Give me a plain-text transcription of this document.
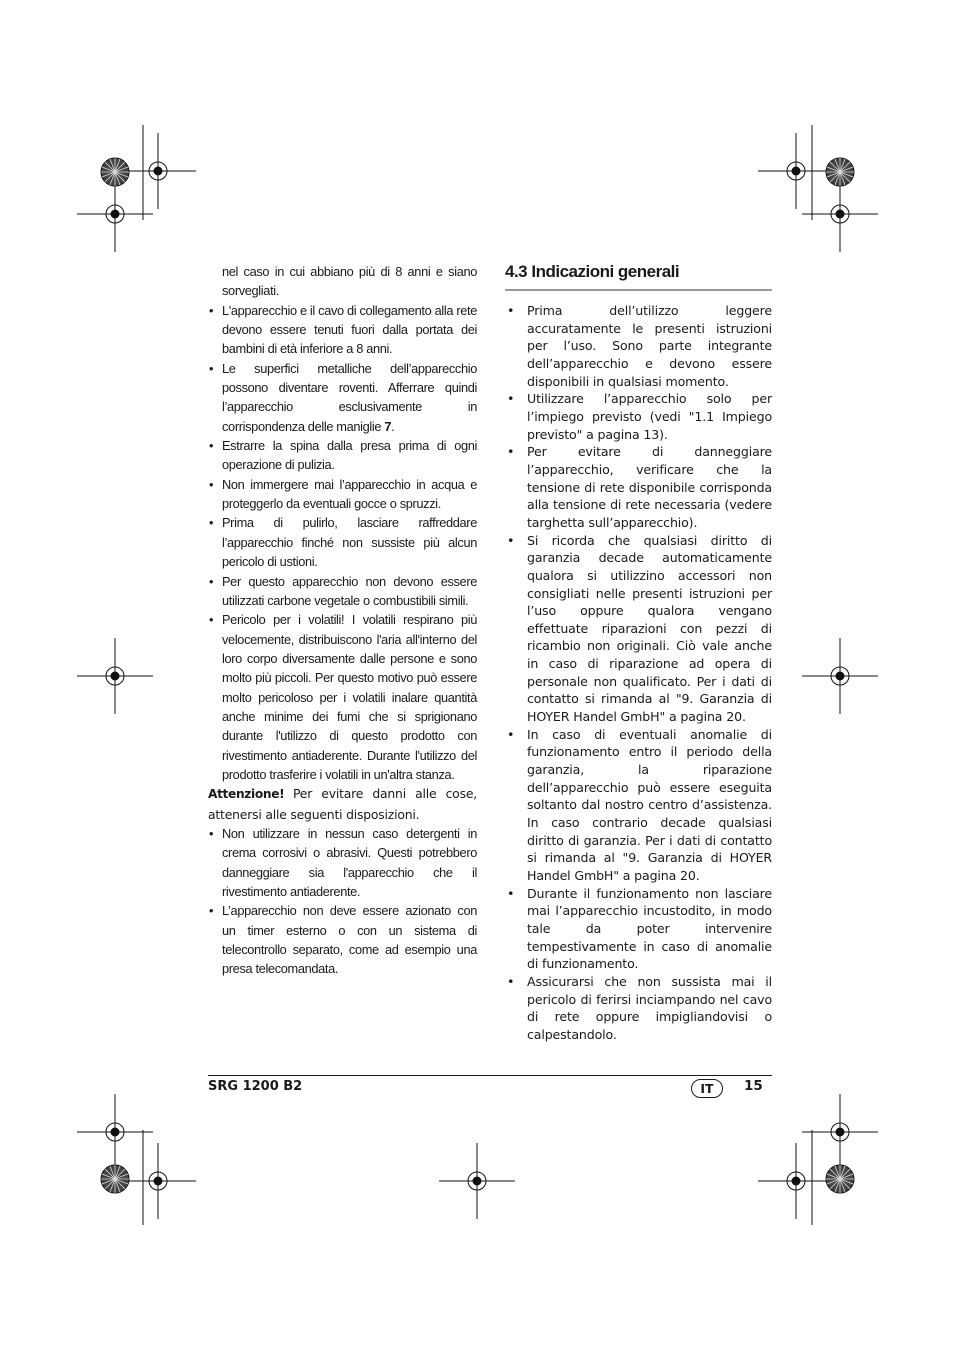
nel caso in cui abbiano più di 8 anni e siano sorvegliati.

• L'apparecchio e il cavo di collegamento alla rete devono essere tenuti fuori dalla portata dei bambini di età inferiore a 8 anni.
• Le superfici metalliche dell’apparecchio possono diventare roventi. Afferrare quindi l’apparecchio esclusivamente in corrispondenza delle maniglie 7.
• Estrarre la spina dalla presa prima di ogni operazione di pulizia.
• Non immergere mai l’apparecchio in acqua e proteggerlo da eventuali gocce o spruzzi.
• Prima di pulirlo, lasciare raffreddare l’apparecchio finché non sussiste più alcun pericolo di ustioni.
• Per questo apparecchio non devono essere utilizzati carbone vegetale o combustibili simili.
• Pericolo per i volatili! I volatili respirano più velocemente, distribuiscono l'aria all'interno del loro corpo diversamente dalle persone e sono molto più piccoli. Per questo motivo può essere molto pericoloso per i volatili inalare quantità anche minime dei fumi che si sprigionano durante l'utilizzo di questo prodotto con rivestimento antiaderente. Durante l'utilizzo del prodotto trasferire i volatili in un'altra stanza.

Attenzione! Per evitare danni alle cose, attenersi alle seguenti disposizioni.

• Non utilizzare in nessun caso detergenti in crema corrosivi o abrasivi. Questi potrebbero danneggiare sia l'apparecchio che il rivestimento antiaderente.
• L’apparecchio non deve essere azionato con un timer esterno o con un sistema di telecontrollo separato, come ad esempio una presa telecomandata.
4.3 Indicazioni generali
• Prima dell’utilizzo leggere accuratamente le presenti istruzioni per l’uso. Sono parte integrante dell’apparecchio e devono essere disponibili in qualsiasi momento.
• Utilizzare l’apparecchio solo per l’impiego previsto (vedi "1.1 Impiego previsto" a pagina 13).
• Per evitare di danneggiare l’apparecchio, verificare che la tensione di rete disponibile corrisponda alla tensione di rete necessaria (vedere targhetta sull’apparecchio).
• Si ricorda che qualsiasi diritto di garanzia decade automaticamente qualora si utilizzino accessori non consigliati nelle presenti istruzioni per l’uso oppure qualora vengano effettuate riparazioni con pezzi di ricambio non originali. Ciò vale anche in caso di riparazione ad opera di personale non qualificato. Per i dati di contatto si rimanda al "9. Garanzia di HOYER Handel GmbH" a pagina 20.
• In caso di eventuali anomalie di funzionamento entro il periodo della garanzia, la riparazione dell’apparecchio può essere eseguita soltanto dal nostro centro d’assistenza. In caso contrario decade qualsiasi diritto di garanzia. Per i dati di contatto si rimanda al "9. Garanzia di HOYER Handel GmbH" a pagina 20.
• Durante il funzionamento non lasciare mai l’apparecchio incustodito, in modo tale da poter intervenire tempestivamente in caso di anomalie di funzionamento.
• Assicurarsi che non sussista mai il pericolo di ferirsi inciampando nel cavo di rete oppure impigliandovisi o calpestandolo.
SRG 1200 B2	IT	15
